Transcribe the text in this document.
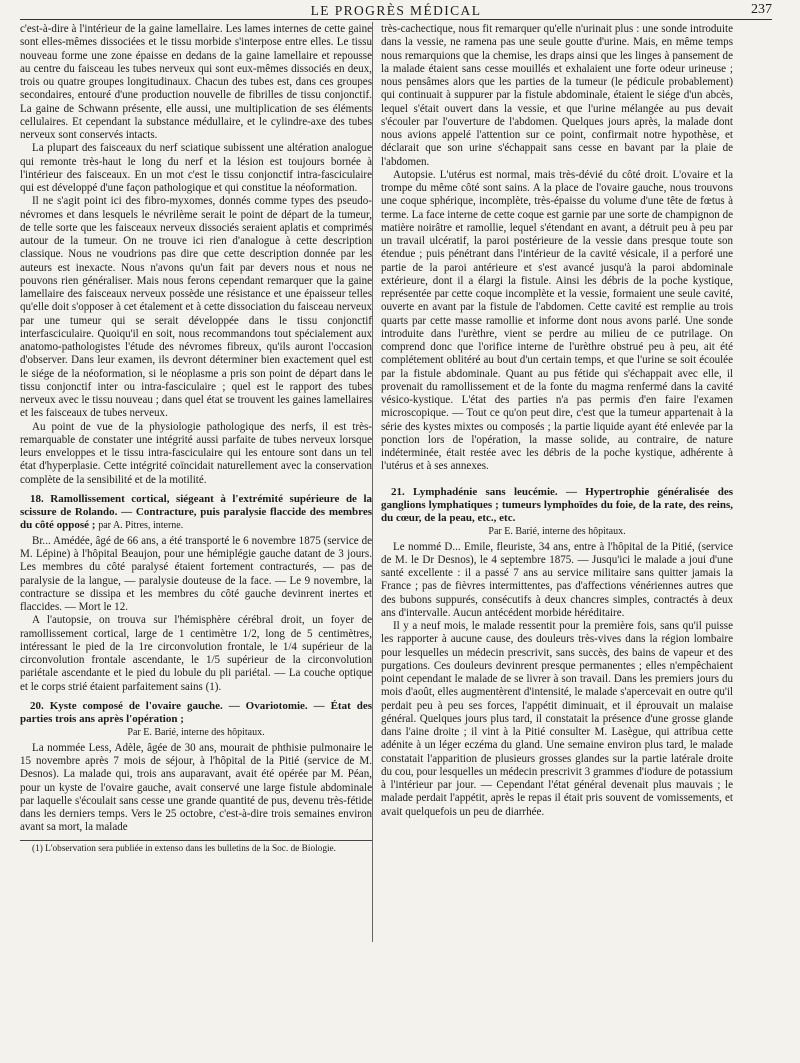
LE PROGRÈS MÉDICAL	237

c'est-à-dire à l'intérieur de la gaine lamellaire. Les lames internes de cette gaine sont elles-mêmes dissociées et le tissu morbide s'interpose entre elles. Le tissu nouveau forme une zone épaisse en dedans de la gaine lamellaire et repousse au centre du faisceau les tubes nerveux qui sont eux-mêmes dissociés en deux, trois ou quatre groupes longitudinaux. Chacun des tubes est, dans ces groupes secondaires, entouré d'une production nouvelle de fibrilles de tissu conjonctif. La gaine de Schwann présente, elle aussi, une multiplication de ses éléments cellulaires. Et cependant la substance médullaire, et le cylindre-axe des tubes nerveux sont conservés intacts.

La plupart des faisceaux du nerf sciatique subissent une altération analogue qui remonte très-haut le long du nerf et la lésion est toujours bornée à l'intérieur des faisceaux. En un mot c'est le tissu conjonctif intra-fasciculaire qui est développé d'une façon pathologique et qui constitue la néoformation.

Il ne s'agit point ici des fibro-myxomes, donnés comme types des pseudo-névromes et dans lesquels le névrilème serait le point de départ de la tumeur, de telle sorte que les faisceaux nerveux dissociés seraient aplatis et comprimés autour de la tumeur. On ne trouve ici rien d'analogue à cette description classique. Nous ne voudrions pas dire que cette description donnée par les auteurs est inexacte. Nous n'avons qu'un fait par devers nous et nous ne pouvons rien généraliser. Mais nous ferons cependant remarquer que la gaine lamellaire des faisceaux nerveux possède une résistance et une épaisseur telles qu'elle doit s'opposer à cet étalement et à cette dissociation du faisceau nerveux par une tumeur qui se serait développée dans le tissu conjonctif interfasciculaire. Quoiqu'il en soit, nous recommandons tout spécialement aux anatomo-pathologistes l'étude des névromes fibreux, qu'ils auront l'occasion d'observer. Dans leur examen, ils devront déterminer bien exactement quel est le siége de la néoformation, si le néoplasme a pris son point de départ dans le tissu conjonctif inter ou intra-fasciculaire ; quel est le rapport des tubes nerveux avec le tissu nouveau ; dans quel état se trouvent les gaines lamellaires et les faisceaux de tubes nerveux.

Au point de vue de la physiologie pathologique des nerfs, il est très-remarquable de constater une intégrité aussi parfaite de tubes nerveux lorsque leurs enveloppes et le tissu intra-fasciculaire qui les entoure sont dans un tel état d'hyperplasie. Cette intégrité coïncidait naturellement avec la conservation complète de la sensibilité et de la motilité.

18. Ramollissement cortical, siégeant à l'extrémité supérieure de la scissure de Rolando. — Contracture, puis paralysie flaccide des membres du côté opposé ; par A. Pitres, interne.

Br... Amédée, âgé de 66 ans, a été transporté le 6 novembre 1875 (service de M. Lépine) à l'hôpital Beaujon, pour une hémiplégie gauche datant de 3 jours. Les membres du côté paralysé étaient fortement contracturés, — pas de paralysie de la langue, — paralysie douteuse de la face. — Le 9 novembre, la contracture se dissipa et les membres du côté gauche devinrent inertes et flaccides. — Mort le 12.

A l'autopsie, on trouva sur l'hémisphère cérébral droit, un foyer de ramollissement cortical, large de 1 centimètre 1/2, long de 5 centimètres, intéressant le pied de la 1re circonvolution frontale, le 1/4 supérieur de la circonvolution frontale ascendante, le 1/5 supérieur de la circonvolution pariétale ascendante et le pied du lobule du pli pariétal. — La couche optique et le corps strié étaient parfaitement sains (1).

20. Kyste composé de l'ovaire gauche. — Ovariotomie. — État des parties trois ans après l'opération ;
Par E. Barié, interne des hôpitaux.

La nommée Less, Adèle, âgée de 30 ans, mourait de phthisie pulmonaire le 15 novembre après 7 mois de séjour, à l'hôpital de la Pitié (service de M. Desnos). La malade qui, trois ans auparavant, avait été opérée par M. Péan, pour un kyste de l'ovaire gauche, avait conservé une large fistule abdominale par laquelle s'écoulait sans cesse une grande quantité de pus, devenu très-fétide dans les derniers temps. Vers le 25 octobre, c'est-à-dire trois semaines environ avant sa mort, la malade

(1) L'observation sera publiée in extenso dans les bulletins de la Soc. de Biologie.

très-cachectique, nous fit remarquer qu'elle n'urinait plus : une sonde introduite dans la vessie, ne ramena pas une seule goutte d'urine. Mais, en même temps nous remarquions que la chemise, les draps ainsi que les linges à pansement de la malade étaient sans cesse mouillés et exhalaient une forte odeur urineuse ; nous pensâmes alors que les parties de la tumeur (le pédicule probablement) qui continuait à suppurer par la fistule abdominale, étaient le siége d'un abcès, lequel s'était ouvert dans la vessie, et que l'urine mélangée au pus devait s'écouler par l'ouverture de l'abdomen. Quelques jours après, la malade dont nous avions appelé l'attention sur ce point, confirmait notre hypothèse, et déclarait que son urine s'échappait sans cesse en bavant par la plaie de l'abdomen.

Autopsie. L'utérus est normal, mais très-dévié du côté droit. L'ovaire et la trompe du même côté sont sains. A la place de l'ovaire gauche, nous trouvons une coque sphérique, incomplète, très-épaisse du volume d'une tête de fœtus à terme. La face interne de cette coque est garnie par une sorte de champignon de matière noirâtre et ramollie, lequel s'étendant en avant, a détruit peu à peu par un travail ulcératif, la paroi postérieure de la vessie dans presque toute son étendue ; puis pénétrant dans l'intérieur de la cavité vésicale, il a perforé une partie de la paroi antérieure et s'est avancé jusqu'à la paroi abdominale extérieure, dont il a élargi la fistule. Ainsi les débris de la poche kystique, représentée par cette coque incomplète et la vessie, formaient une seule cavité, ouverte en avant par la fistule de l'abdomen. Cette cavité est remplie au trois quarts par cette masse ramollie et informe dont nous avons parlé. Une sonde introduite dans l'urèthre, vient se perdre au milieu de ce putrilage. On comprend donc que l'orifice interne de l'urèthre obstrué peu à peu, ait été complétement oblitéré au bout d'un certain temps, et que l'urine se soit écoulée par la fistule abdominale. Quant au pus fétide qui s'échappait avec elle, il provenait du ramollissement et de la fonte du magma renfermé dans la cavité vésico-kystique. L'état des parties n'a pas permis d'en faire l'examen microscopique. — Tout ce qu'on peut dire, c'est que la tumeur appartenait à la série des kystes mixtes ou composés ; la partie liquide ayant été enlevée par la ponction lors de l'opération, la masse solide, au contraire, de nature indéterminée, était restée avec les débris de la poche kystique, adhérente à l'utérus et à ses annexes.

21. Lymphadénie sans leucémie. — Hypertrophie généralisée des ganglions lymphatiques ; tumeurs lymphoïdes du foie, de la rate, des reins, du cœur, de la peau, etc., etc.
Par E. Barié, interne des hôpitaux.

Le nommé D... Emile, fleuriste, 34 ans, entre à l'hôpital de la Pitié, (service de M. le Dr Desnos), le 4 septembre 1875. — Jusqu'ici le malade a joui d'une santé excellente : il a passé 7 ans au service militaire sans quitter jamais la France ; pas de fièvres intermittentes, pas d'affections vénériennes autres que des bubons suppurés, consécutifs à deux chancres simples, contractés à deux ans d'intervalle. Aucun antécédent morbide héréditaire.

Il y a neuf mois, le malade ressentit pour la première fois, sans qu'il puisse les rapporter à aucune cause, des douleurs très-vives dans la région lombaire pour lesquelles un médecin prescrivit, sans succès, des bains de vapeur et des purgations. Ces douleurs devinrent presque permanentes ; elles n'empêchaient point cependant le malade de se livrer à son travail. Dans les premiers jours du mois d'août, elles augmentèrent d'intensité, le malade s'apercevait en outre qu'il perdait peu à peu ses forces, l'appétit diminuait, et il éprouvait un malaise général. Quelques jours plus tard, il constatait la présence d'une grosse glande dans l'aine droite ; il vint à la Pitié consulter M. Lasègue, qui attribua cette adénite à un léger eczéma du gland. Une semaine environ plus tard, le malade constatait l'apparition de plusieurs grosses glandes sur la partie latérale droite du cou, pour lesquelles un médecin prescrivit 3 grammes d'iodure de potassium à l'intérieur par jour. — Cependant l'état général devenait plus mauvais ; le malade perdait l'appétit, après le repas il était pris souvent de vomissements, et avait quelquefois un peu de diarrhée.
